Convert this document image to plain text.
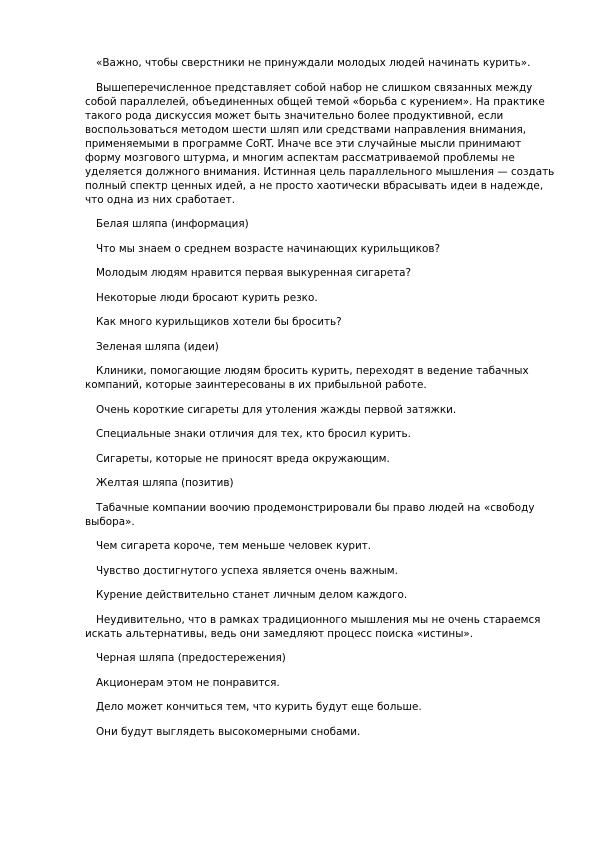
«Важно, чтобы сверстники не принуждали молодых людей начинать курить».

Вышеперечисленное представляет собой набор не слишком связанных между собой параллелей, объединенных общей темой «борьба с курением». На практике такого рода дискуссия может быть значительно более продуктивной, если воспользоваться методом шести шляп или средствами направления внимания, применяемыми в программе CoRT. Иначе все эти случайные мысли принимают форму мозгового штурма, и многим аспектам рассматриваемой проблемы не уделяется должного внимания. Истинная цель параллельного мышления — создать полный спектр ценных идей, а не просто хаотически вбрасывать идеи в надежде, что одна из них сработает.

Белая шляпа (информация)

Что мы знаем о среднем возрасте начинающих курильщиков?

Молодым людям нравится первая выкуренная сигарета?

Некоторые люди бросают курить резко.

Как много курильщиков хотели бы бросить?

Зеленая шляпа (идеи)

Клиники, помогающие людям бросить курить, переходят в ведение табачных компаний, которые заинтересованы в их прибыльной работе.

Очень короткие сигареты для утоления жажды первой затяжки.

Специальные знаки отличия для тех, кто бросил курить.

Сигареты, которые не приносят вреда окружающим.

Желтая шляпа (позитив)

Табачные компании воочию продемонстрировали бы право людей на «свободу выбора».

Чем сигарета короче, тем меньше человек курит.

Чувство достигнутого успеха является очень важным.

Курение действительно станет личным делом каждого.

Неудивительно, что в рамках традиционного мышления мы не очень стараемся искать альтернативы, ведь они замедляют процесс поиска «истины».

Черная шляпа (предостережения)

Акционерам этом не понравится.

Дело может кончиться тем, что курить будут еще больше.

Они будут выглядеть высокомерными снобами.
